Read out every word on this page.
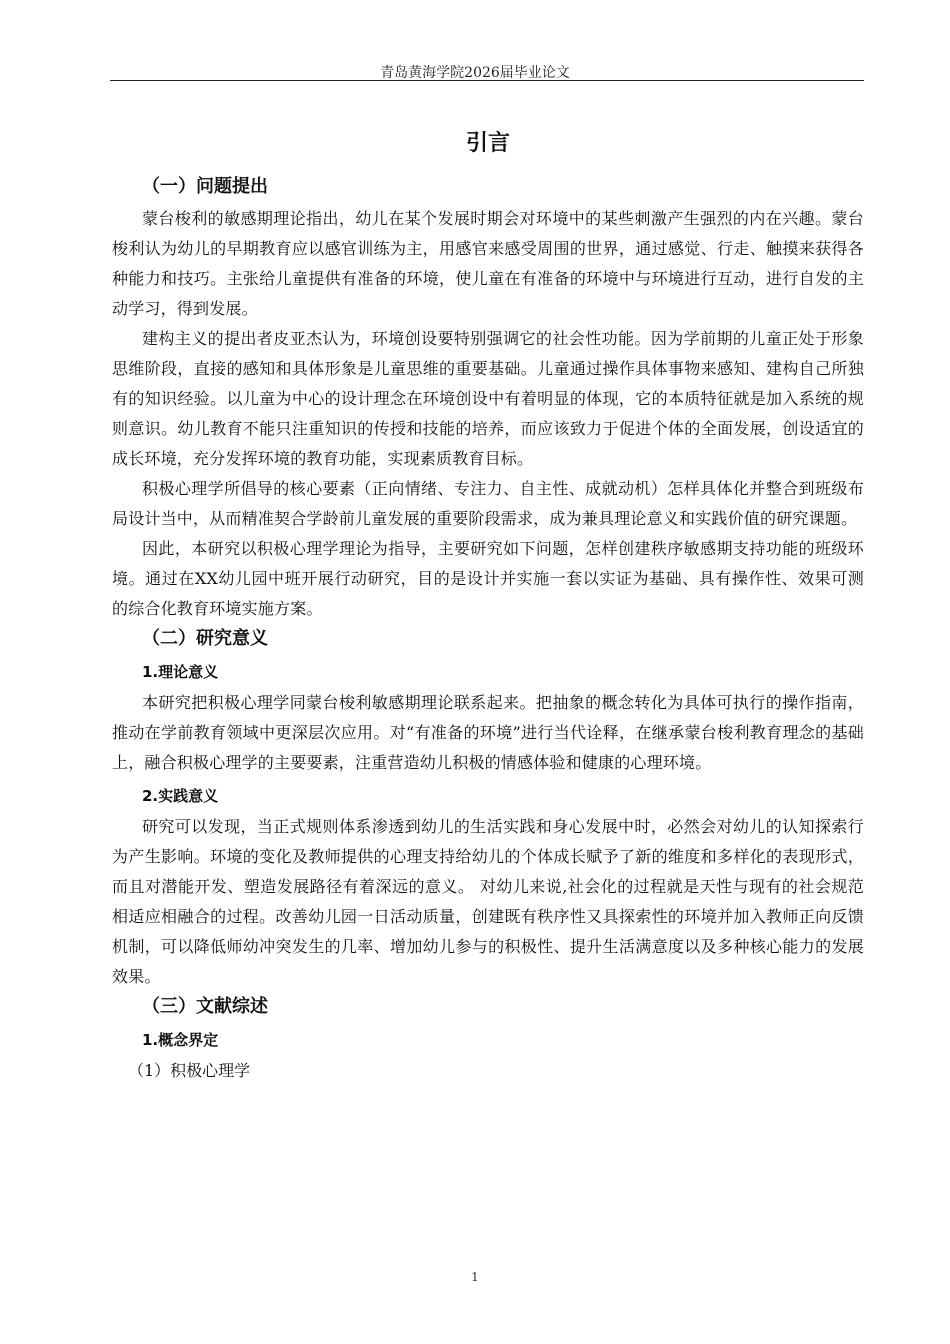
青岛黄海学院2026届毕业论文
引言
（一）问题提出

蒙台梭利的敏感期理论指出，幼儿在某个发展时期会对环境中的某些刺激产生强烈的内在兴趣。蒙台梭利认为幼儿的早期教育应以感官训练为主，用感官来感受周围的世界，通过感觉、行走、触摸来获得各种能力和技巧。主张给儿童提供有准备的环境，使儿童在有准备的环境中与环境进行互动，进行自发的主动学习，得到发展。

建构主义的提出者皮亚杰认为，环境创设要特别强调它的社会性功能。因为学前期的儿童正处于形象思维阶段，直接的感知和具体形象是儿童思维的重要基础。儿童通过操作具体事物来感知、建构自己所独有的知识经验。以儿童为中心的设计理念在环境创设中有着明显的体现，它的本质特征就是加入系统的规则意识。幼儿教育不能只注重知识的传授和技能的培养，而应该致力于促进个体的全面发展，创设适宜的成长环境，充分发挥环境的教育功能，实现素质教育目标。

积极心理学所倡导的核心要素（正向情绪、专注力、自主性、成就动机）怎样具体化并整合到班级布局设计当中，从而精准契合学龄前儿童发展的重要阶段需求，成为兼具理论意义和实践价值的研究课题。

因此，本研究以积极心理学理论为指导，主要研究如下问题，怎样创建秩序敏感期支持功能的班级环境。通过在XX幼儿园中班开展行动研究，目的是设计并实施一套以实证为基础、具有操作性、效果可测的综合化教育环境实施方案。

（二）研究意义
1.理论意义

本研究把积极心理学同蒙台梭利敏感期理论联系起来。把抽象的概念转化为具体可执行的操作指南，推动在学前教育领域中更深层次应用。对“有准备的环境”进行当代诠释，在继承蒙台梭利教育理念的基础上，融合积极心理学的主要要素，注重营造幼儿积极的情感体验和健康的心理环境。

2.实践意义

研究可以发现，当正式规则体系渗透到幼儿的生活实践和身心发展中时，必然会对幼儿的认知探索行为产生影响。环境的变化及教师提供的心理支持给幼儿的个体成长赋予了新的维度和多样化的表现形式，而且对潜能开发、塑造发展路径有着深远的意义。 对幼儿来说,社会化的过程就是天性与现有的社会规范相适应相融合的过程。改善幼儿园一日活动质量，创建既有秩序性又具探索性的环境并加入教师正向反馈机制，可以降低师幼冲突发生的几率、增加幼儿参与的积极性、提升生活满意度以及多种核心能力的发展效果。

（三）文献综述
1.概念界定
（1）积极心理学
1
